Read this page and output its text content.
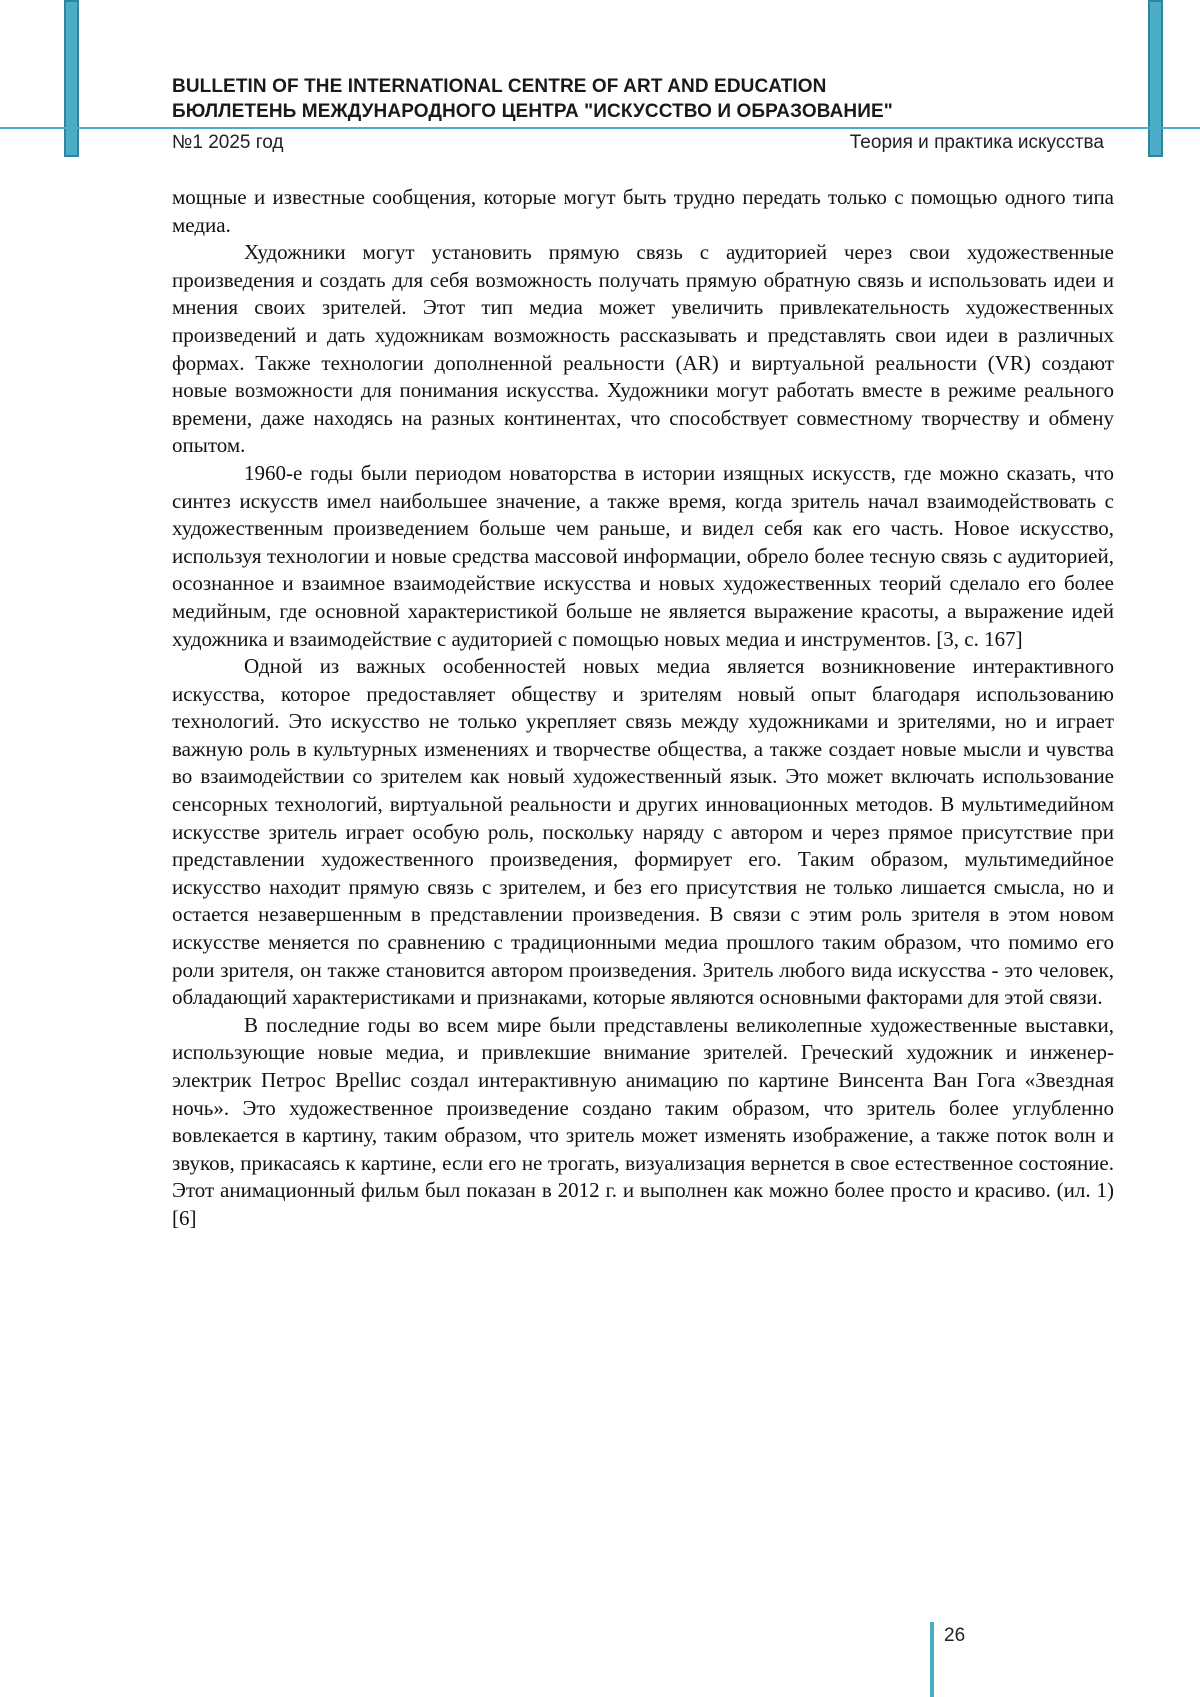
BULLETIN OF THE INTERNATIONAL CENTRE OF ART AND EDUCATION
БЮЛЛЕТЕНЬ МЕЖДУНАРОДНОГО ЦЕНТРА "ИСКУССТВО И ОБРАЗОВАНИЕ"
№1 2025 год	Теория и практика искусства

мощные и известные сообщения, которые могут быть трудно передать только с помощью одного типа медиа.

Художники могут установить прямую связь с аудиторией через свои художественные произведения и создать для себя возможность получать прямую обратную связь и использовать идеи и мнения своих зрителей. Этот тип медиа может увеличить привлекательность художественных произведений и дать художникам возможность рассказывать и представлять свои идеи в различных формах. Также технологии дополненной реальности (AR) и виртуальной реальности (VR) создают новые возможности для понимания искусства. Художники могут работать вместе в режиме реального времени, даже находясь на разных континентах, что способствует совместному творчеству и обмену опытом.

1960-е годы были периодом новаторства в истории изящных искусств, где можно сказать, что синтез искусств имел наибольшее значение, а также время, когда зритель начал взаимодействовать с художественным произведением больше чем раньше, и видел себя как его часть. Новое искусство, используя технологии и новые средства массовой информации, обрело более тесную связь с аудиторией, осознанное и взаимное взаимодействие искусства и новых художественных теорий сделало его более медийным, где основной характеристикой больше не является выражение красоты, а выражение идей художника и взаимодействие с аудиторией с помощью новых медиа и инструментов. [3, с. 167]

Одной из важных особенностей новых медиа является возникновение интерактивного искусства, которое предоставляет обществу и зрителям новый опыт благодаря использованию технологий. Это искусство не только укрепляет связь между художниками и зрителями, но и играет важную роль в культурных изменениях и творчестве общества, а также создает новые мысли и чувства во взаимодействии со зрителем как новый художественный язык. Это может включать использование сенсорных технологий, виртуальной реальности и других инновационных методов. В мультимедийном искусстве зритель играет особую роль, поскольку наряду с автором и через прямое присутствие при представлении художественного произведения, формирует его. Таким образом, мультимедийное искусство находит прямую связь с зрителем, и без его присутствия не только лишается смысла, но и остается незавершенным в представлении произведения. В связи с этим роль зрителя в этом новом искусстве меняется по сравнению с традиционными медиа прошлого таким образом, что помимо его роли зрителя, он также становится автором произведения. Зритель любого вида искусства - это человек, обладающий характеристиками и признаками, которые являются основными факторами для этой связи.

В последние годы во всем мире были представлены великолепные художественные выставки, использующие новые медиа, и привлекшие внимание зрителей. Греческий художник и инженер-электрик Петрос Врellис создал интерактивную анимацию по картине Винсента Ван Гога «Звездная ночь». Это художественное произведение создано таким образом, что зритель более углубленно вовлекается в картину, таким образом, что зритель может изменять изображение, а также поток волн и звуков, прикасаясь к картине, если его не трогать, визуализация вернется в свое естественное состояние. Этот анимационный фильм был показан в 2012 г. и выполнен как можно более просто и красиво. (ил. 1) [6]

26
